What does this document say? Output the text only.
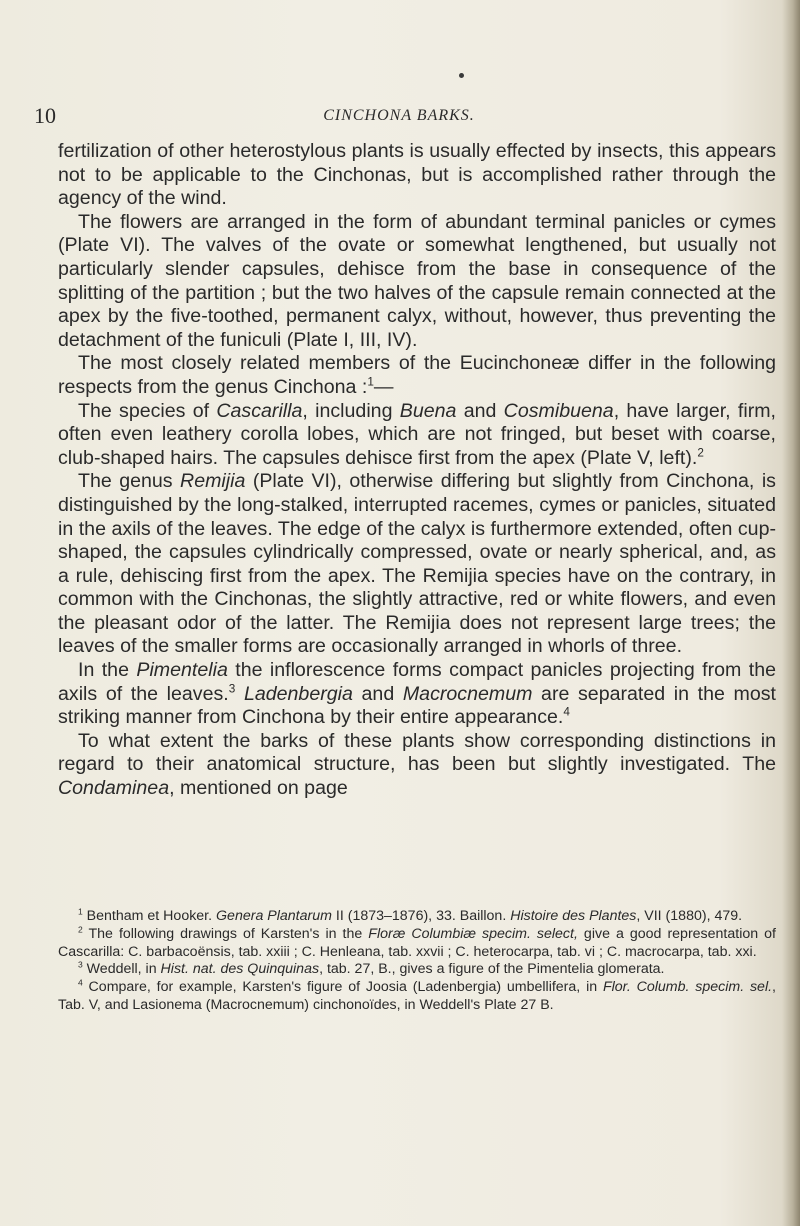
10	CINCHONA BARKS.

fertilization of other heterostylous plants is usually effected by insects, this appears not to be applicable to the Cinchonas, but is accomplished rather through the agency of the wind.

The flowers are arranged in the form of abundant terminal panicles or cymes (Plate VI). The valves of the ovate or somewhat lengthened, but usually not particularly slender capsules, dehisce from the base in consequence of the splitting of the partition ; but the two halves of the capsule remain connected at the apex by the five-toothed, permanent calyx, without, however, thus preventing the detachment of the funiculi (Plate I, III, IV).

The most closely related members of the Eucinchoneæ differ in the following respects from the genus Cinchona :$^1$—

The species of Cascarilla, including Buena and Cosmibuena, have larger, firm, often even leathery corolla lobes, which are not fringed, but beset with coarse, club-shaped hairs. The capsules dehisce first from the apex (Plate V, left).$^2$

The genus Remijia (Plate VI), otherwise differing but slightly from Cinchona, is distinguished by the long-stalked, interrupted racemes, cymes or panicles, situated in the axils of the leaves. The edge of the calyx is furthermore extended, often cup-shaped, the capsules cylindrically compressed, ovate or nearly spherical, and, as a rule, dehiscing first from the apex. The Remijia species have on the contrary, in common with the Cinchonas, the slightly attractive, red or white flowers, and even the pleasant odor of the latter. The Remijia does not represent large trees; the leaves of the smaller forms are occasionally arranged in whorls of three.

In the Pimentelia the inflorescence forms compact panicles projecting from the axils of the leaves.$^3$ Ladenbergia and Macrocnemum are separated in the most striking manner from Cinchona by their entire appearance.$^4$

To what extent the barks of these plants show corresponding distinctions in regard to their anatomical structure, has been but slightly investigated. The Condaminea, mentioned on page

$^1$ Bentham et Hooker. Genera Plantarum II (1873–1876), 33. Baillon. Histoire des Plantes, VII (1880), 479.

$^2$ The following drawings of Karsten's in the Floræ Columbiæ specim. select, give a good representation of Cascarilla: C. barbacoënsis, tab. xxiii ; C. Henleana, tab. xxvii ; C. heterocarpa, tab. vi ; C. macrocarpa, tab. xxi.

$^3$ Weddell, in Hist. nat. des Quinquinas, tab. 27, B., gives a figure of the Pimentelia glomerata.

$^4$ Compare, for example, Karsten's figure of Joosia (Ladenbergia) umbellifera, in Flor. Columb. specim. sel., Tab. V, and Lasionema (Macrocnemum) cinchonoïdes, in Weddell's Plate 27 B.
